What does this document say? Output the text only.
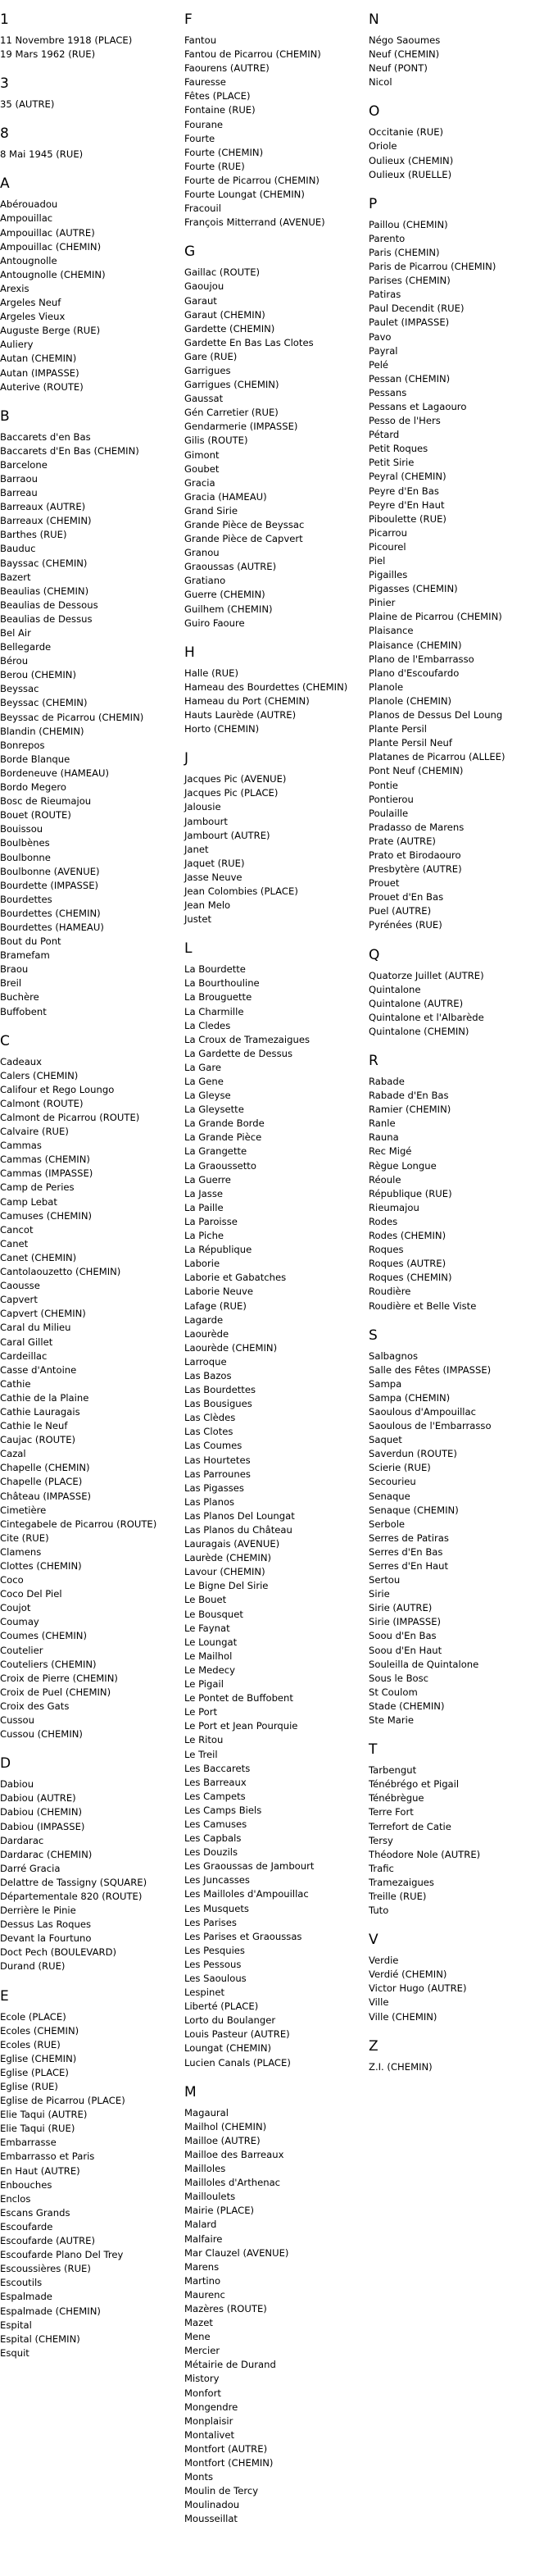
1
11 Novembre 1918 (PLACE)
19 Mars 1962 (RUE)
3
35 (AUTRE)
8
8 Mai 1945 (RUE)
A
Abérouadou
Ampouillac
Ampouillac (AUTRE)
Ampouillac (CHEMIN)
Antougnolle
Antougnolle (CHEMIN)
Arexis
Argeles Neuf
Argeles Vieux
Auguste Berge (RUE)
Auliery
Autan (CHEMIN)
Autan (IMPASSE)
Auterive (ROUTE)
B
Baccarets d'en Bas
Baccarets d'En Bas (CHEMIN)
Barcelone
Barraou
Barreau
Barreaux (AUTRE)
Barreaux (CHEMIN)
Barthes (RUE)
Bauduc
Bayssac (CHEMIN)
Bazert
Beaulias (CHEMIN)
Beaulias de Dessous
Beaulias de Dessus
Bel Air
Bellegarde
Bérou
Berou (CHEMIN)
Beyssac
Beyssac (CHEMIN)
Beyssac de Picarrou (CHEMIN)
Blandin (CHEMIN)
Bonrepos
Borde Blanque
Bordeneuve (HAMEAU)
Bordo Megero
Bosc de Rieumajou
Bouet (ROUTE)
Bouissou
Boulbènes
Boulbonne
Boulbonne (AVENUE)
Bourdette (IMPASSE)
Bourdettes
Bourdettes (CHEMIN)
Bourdettes (HAMEAU)
Bout du Pont
Bramefam
Braou
Breil
Buchère
Buffobent
C
Cadeaux
Calers (CHEMIN)
Califour et Rego Loungo
Calmont (ROUTE)
Calmont de Picarrou (ROUTE)
Calvaire (RUE)
Cammas
Cammas (CHEMIN)
Cammas (IMPASSE)
Camp de Peries
Camp Lebat
Camuses (CHEMIN)
Cancot
Canet
Canet (CHEMIN)
Cantolaouzetto (CHEMIN)
Caousse
Capvert
Capvert (CHEMIN)
Caral du Milieu
Caral Gillet
Cardeillac
Casse d'Antoine
Cathie
Cathie de la Plaine
Cathie Lauragais
Cathie le Neuf
Caujac (ROUTE)
Cazal
Chapelle (CHEMIN)
Chapelle (PLACE)
Château (IMPASSE)
Cimetière
Cintegabele de Picarrou (ROUTE)
Cite (RUE)
Clamens
Clottes (CHEMIN)
Coco
Coco Del Piel
Coujot
Coumay
Coumes (CHEMIN)
Coutelier
Couteliers (CHEMIN)
Croix de Pierre (CHEMIN)
Croix de Puel (CHEMIN)
Croix des Gats
Cussou
Cussou (CHEMIN)
D
Dabiou
Dabiou (AUTRE)
Dabiou (CHEMIN)
Dabiou (IMPASSE)
Dardarac
Dardarac (CHEMIN)
Darré Gracia
Delattre de Tassigny (SQUARE)
Départementale 820 (ROUTE)
Derrière le Pinie
Dessus Las Roques
Devant la Fourtuno
Doct Pech (BOULEVARD)
Durand (RUE)
E
Ecole (PLACE)
Ecoles (CHEMIN)
Ecoles (RUE)
Eglise (CHEMIN)
Eglise (PLACE)
Eglise (RUE)
Eglise de Picarrou (PLACE)
Elie Taqui (AUTRE)
Elie Taqui (RUE)
Embarrasse
Embarrasso et Paris
En Haut (AUTRE)
Enbouches
Enclos
Escans Grands
Escoufarde
Escoufarde (AUTRE)
Escoufarde Plano Del Trey
Escoussières (RUE)
Escoutils
Espalmade
Espalmade (CHEMIN)
Espital
Espital (CHEMIN)
Esquit
F
Fantou
Fantou de Picarrou (CHEMIN)
Faourens (AUTRE)
Fauresse
Fêtes (PLACE)
Fontaine (RUE)
Fourane
Fourte
Fourte (CHEMIN)
Fourte (RUE)
Fourte de Picarrou (CHEMIN)
Fourte Loungat (CHEMIN)
Fracouil
François Mitterrand (AVENUE)
G
Gaillac (ROUTE)
Gaoujou
Garaut
Garaut (CHEMIN)
Gardette (CHEMIN)
Gardette En Bas Las Clotes
Gare (RUE)
Garrigues
Garrigues (CHEMIN)
Gaussat
Gén Carretier (RUE)
Gendarmerie (IMPASSE)
Gilis (ROUTE)
Gimont
Goubet
Gracia
Gracia (HAMEAU)
Grand Sirie
Grande Pièce de Beyssac
Grande Pièce de Capvert
Granou
Graoussas (AUTRE)
Gratiano
Guerre (CHEMIN)
Guilhem (CHEMIN)
Guiro Faoure
H
Halle (RUE)
Hameau des Bourdettes (CHEMIN)
Hameau du Port (CHEMIN)
Hauts Laurède (AUTRE)
Horto (CHEMIN)
J
Jacques Pic (AVENUE)
Jacques Pic (PLACE)
Jalousie
Jambourt
Jambourt (AUTRE)
Janet
Jaquet (RUE)
Jasse Neuve
Jean Colombies (PLACE)
Jean Melo
Justet
L
La Bourdette
La Bourthouline
La Brouguette
La Charmille
La Cledes
La Croux de Tramezaigues
La Gardette de Dessus
La Gare
La Gene
La Gleyse
La Gleysette
La Grande Borde
La Grande Pièce
La Grangette
La Graoussetto
La Guerre
La Jasse
La Paille
La Paroisse
La Piche
La République
Laborie
Laborie et Gabatches
Laborie Neuve
Lafage (RUE)
Lagarde
Laourède
Laourède (CHEMIN)
Larroque
Las Bazos
Las Bourdettes
Las Bousigues
Las Clèdes
Las Clotes
Las Coumes
Las Hourtetes
Las Parrounes
Las Pigasses
Las Planos
Las Planos Del Loungat
Las Planos du Château
Lauragais (AVENUE)
Laurède (CHEMIN)
Lavour (CHEMIN)
Le Bigne Del Sirie
Le Bouet
Le Bousquet
Le Faynat
Le Loungat
Le Mailhol
Le Medecy
Le Pigail
Le Pontet de Buffobent
Le Port
Le Port et Jean Pourquie
Le Ritou
Le Treil
Les Baccarets
Les Barreaux
Les Campets
Les Camps Biels
Les Camuses
Les Capbals
Les Douzils
Les Graoussas de Jambourt
Les Juncasses
Les Mailloles d'Ampouillac
Les Musquets
Les Parises
Les Parises et Graoussas
Les Pesquies
Les Pessous
Les Saoulous
Lespinet
Liberté (PLACE)
Lorto du Boulanger
Louis Pasteur (AUTRE)
Loungat (CHEMIN)
Lucien Canals (PLACE)
M
Magaural
Mailhol (CHEMIN)
Mailloe (AUTRE)
Mailloe des Barreaux
Mailloles
Mailloles d'Arthenac
Mailloulets
Mairie (PLACE)
Malard
Malfaire
Mar Clauzel (AVENUE)
Marens
Martino
Maurenc
Mazères (ROUTE)
Mazet
Mene
Mercier
Métairie de Durand
Mistory
Monfort
Mongendre
Monplaisir
Montalivet
Montfort (AUTRE)
Montfort (CHEMIN)
Monts
Moulin de Tercy
Moulinadou
Mousseillat
N
Négo Saoumes
Neuf (CHEMIN)
Neuf (PONT)
Nicol
O
Occitanie (RUE)
Oriole
Oulieux (CHEMIN)
Oulieux (RUELLE)
P
Paillou (CHEMIN)
Parento
Paris (CHEMIN)
Paris de Picarrou (CHEMIN)
Parises (CHEMIN)
Patiras
Paul Decendit (RUE)
Paulet (IMPASSE)
Pavo
Payral
Pelé
Pessan (CHEMIN)
Pessans
Pessans et Lagaouro
Pesso de l'Hers
Pétard
Petit Roques
Petit Sirie
Peyral (CHEMIN)
Peyre d'En Bas
Peyre d'En Haut
Piboulette (RUE)
Picarrou
Picourel
Piel
Pigailles
Pigasses (CHEMIN)
Pinier
Plaine de Picarrou (CHEMIN)
Plaisance
Plaisance (CHEMIN)
Plano de l'Embarrasso
Plano d'Escoufardo
Planole
Planole (CHEMIN)
Planos de Dessus Del Loung
Plante Persil
Plante Persil Neuf
Platanes de Picarrou (ALLEE)
Pont Neuf (CHEMIN)
Pontie
Pontierou
Poulaille
Pradasso de Marens
Prate (AUTRE)
Prato et Birodaouro
Presbytère (AUTRE)
Prouet
Prouet d'En Bas
Puel (AUTRE)
Pyrénées (RUE)
Q
Quatorze Juillet (AUTRE)
Quintalone
Quintalone (AUTRE)
Quintalone et l'Albarède
Quintalone (CHEMIN)
R
Rabade
Rabade d'En Bas
Ramier (CHEMIN)
Ranle
Rauna
Rec Migé
Règue Longue
Réoule
République (RUE)
Rieumajou
Rodes
Rodes (CHEMIN)
Roques
Roques (AUTRE)
Roques (CHEMIN)
Roudière
Roudière et Belle Viste
S
Salbagnos
Salle des Fêtes (IMPASSE)
Sampa
Sampa (CHEMIN)
Saoulous d'Ampouillac
Saoulous de l'Embarrasso
Saquet
Saverdun (ROUTE)
Scierie (RUE)
Secourieu
Senaque
Senaque (CHEMIN)
Serbole
Serres de Patiras
Serres d'En Bas
Serres d'En Haut
Sertou
Sirie
Sirie (AUTRE)
Sirie (IMPASSE)
Soou d'En Bas
Soou d'En Haut
Souleilla de Quintalone
Sous le Bosc
St Coulom
Stade (CHEMIN)
Ste Marie
T
Tarbengut
Ténébrégo et Pigail
Ténébrègue
Terre Fort
Terrefort de Catie
Tersy
Théodore Nole (AUTRE)
Trafic
Tramezaigues
Treille (RUE)
Tuto
V
Verdie
Verdié (CHEMIN)
Victor Hugo (AUTRE)
Ville
Ville (CHEMIN)
Z
Z.I. (CHEMIN)
